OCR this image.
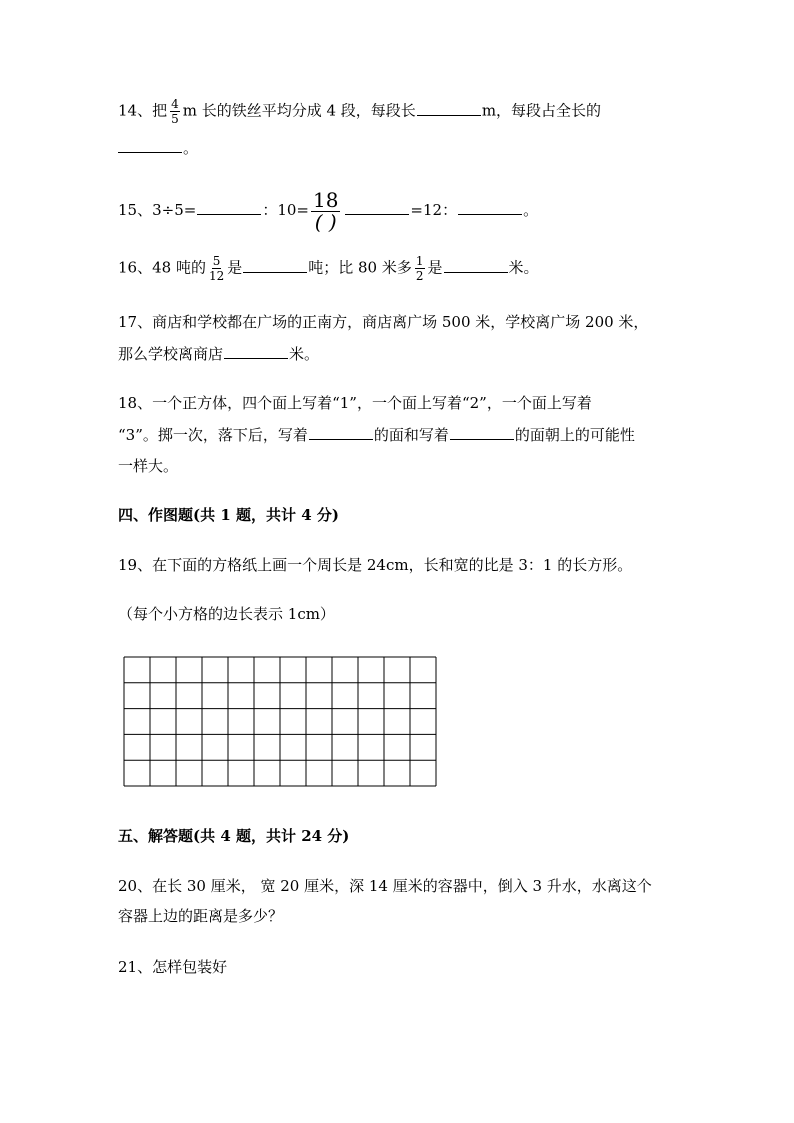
14、把 $\frac{4}{5}$ m 长的铁丝平均分成 4 段，每段长	m，每段占全长的
。
15、3÷5=	：$10= \frac{18}{( )}$	=12：	。
16、48 吨的 $\frac{5}{12}$ 是	吨；比 80 米多 $\frac{1}{2}$ 是	米。
17、商店和学校都在广场的正南方，商店离广场 500 米，学校离广场 200 米，
那么学校离商店	米。
18、一个正方体，四个面上写着“1”，一个面上写着“2”，一个面上写着
“3”。掷一次，落下后，写着	的面和写着	的面朝上的可能性
一样大。
四、作图题(共 1 题，共计 4 分)
19、在下面的方格纸上画一个周长是 24cm，长和宽的比是 3：1 的长方形。
（每个小方格的边长表示 1cm）
五、解答题(共 4 题，共计 24 分)
20、在长 30 厘米， 宽 20 厘米，深 14 厘米的容器中，倒入 3 升水，水离这个
容器上边的距离是多少？
21、怎样包装好
